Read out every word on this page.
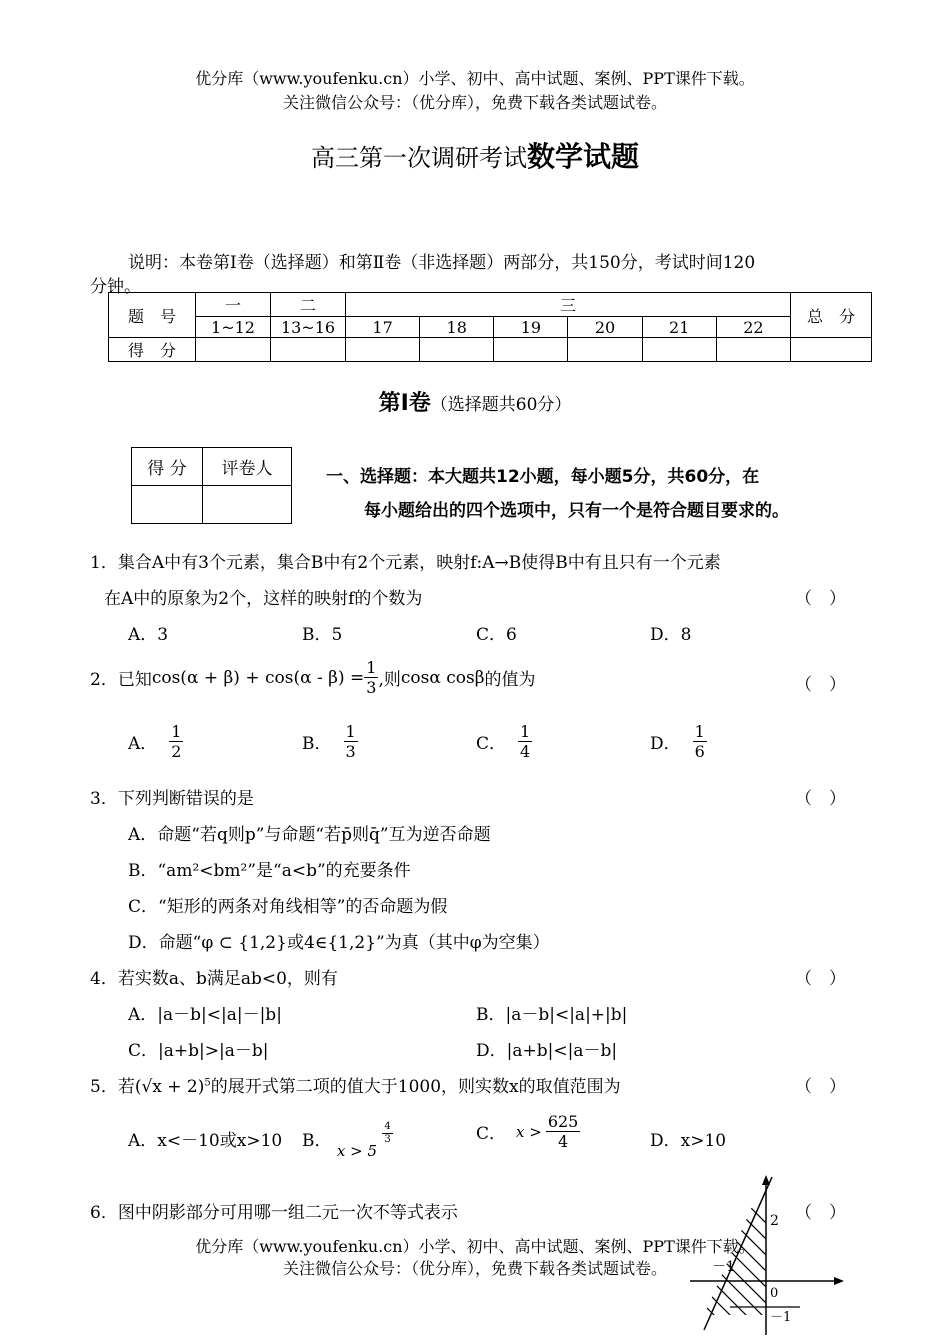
优分库（www.youfenku.cn）小学、初中、高中试题、案例、PPT课件下载。
关注微信公众号：（优分库），免费下载各类试题试卷。
高三第一次调研考试数学试题
说明：本卷第Ⅰ卷（选择题）和第Ⅱ卷（非选择题）两部分，共150分，考试时间120
分钟。
题　号	一	二	三						总　分
	1~12	13~16	17	18	19	20	21	22	
得　分									
第Ⅰ卷（选择题共60分）
得 分	评卷人
		一、选择题：本大题共12小题，每小题5分，共60分，在
每小题给出的四个选项中，只有一个是符合题目要求的。
1．集合A中有3个元素，集合B中有2个元素，映射f:A→B使得B中有且只有一个元素
在A中的原象为2个，这样的映射f的个数为	（　）
A．3	B．5	C．6	D．8
2．已知 $\cos(\alpha + \beta) + \cos(\alpha - \beta) = \frac{1}{3}$ ,则 cosα cosβ 的值为	（　）
A． $\frac{1}{2}$	B． $\frac{1}{3}$	C． $\frac{1}{4}$	D． $\frac{1}{6}$
3．下列判断错误的是	（　）
A．命题“若q则p”与命题“若p̄则q̄”互为逆否命题
B．“am²<bm²”是“a<b”的充要条件
C．“矩形的两条对角线相等”的否命题为假
D．命题“φ ⊂ {1,2}或4∈{1,2}”为真（其中φ为空集）
4．若实数a、b满足ab<0，则有	（　）
A．|a－b|<|a|－|b|	B．|a－b|<|a|+|b|
C．|a+b|>|a－b|	D．|a+b|<|a－b|
5．若$(√x + 2)^5$的展开式第二项的值大于1000，则实数x的取值范围为	（　）
A．x<－10或x>10 B． x > 5
$\frac{4}{3}$	C． $x > \frac{625}{4}$	D．x>10
6．图中阴影部分可用哪一组二元一次不等式表示	（　）
2
－1
0
－1
优分库（www.youfenku.cn）小学、初中、高中试题、案例、PPT课件下载。
关注微信公众号：（优分库），免费下载各类试题试卷。
